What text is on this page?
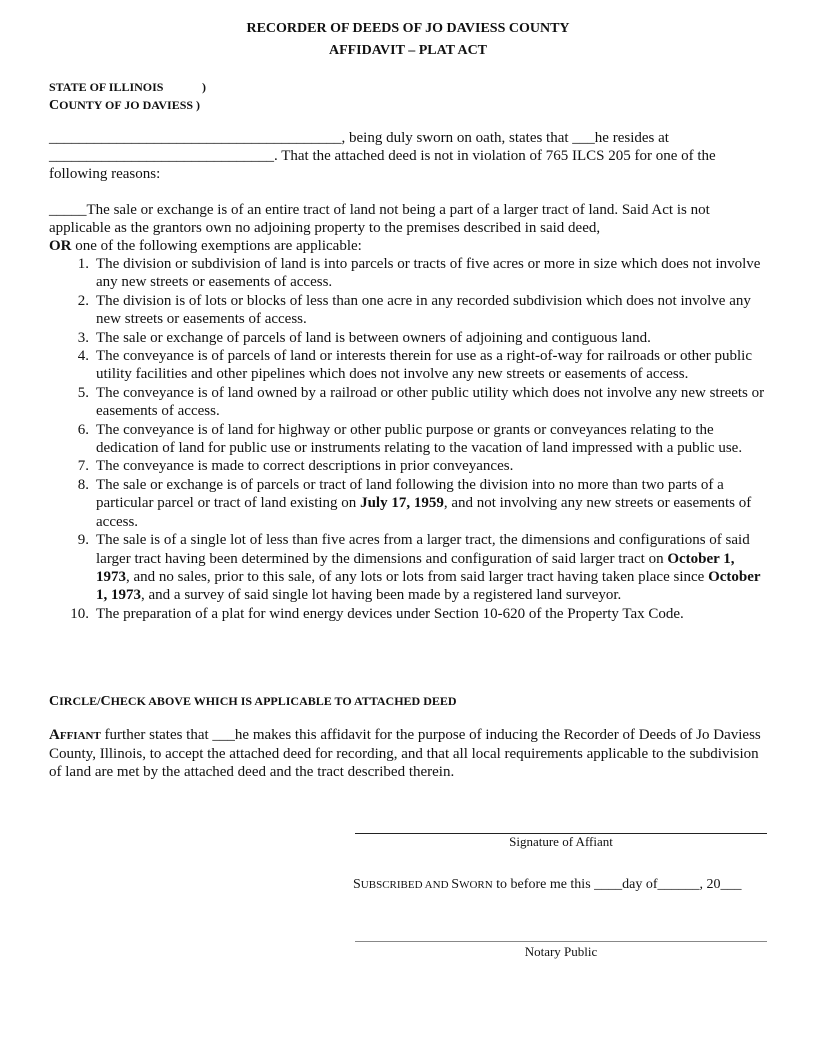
RECORDER OF DEEDS OF JO DAVIESS COUNTY
AFFIDAVIT – PLAT ACT
STATE OF ILLINOIS	)
COUNTY OF JO DAVIESS )
_______________________________________, being duly sworn on oath, states that ___he resides at
______________________________. That the attached deed is not in violation of 765 ILCS 205 for one of the
following reasons:
_____The sale or exchange is of an entire tract of land not being a part of a larger tract of land. Said Act is not applicable as the grantors own no adjoining property to the premises described in said deed,
OR one of the following exemptions are applicable:
1. The division or subdivision of land is into parcels or tracts of five acres or more in size which does not involve any new streets or easements of access.
2. The division is of lots or blocks of less than one acre in any recorded subdivision which does not involve any new streets or easements of access.
3. The sale or exchange of parcels of land is between owners of adjoining and contiguous land.
4. The conveyance is of parcels of land or interests therein for use as a right-of-way for railroads or other public utility facilities and other pipelines which does not involve any new streets or easements of access.
5. The conveyance is of land owned by a railroad or other public utility which does not involve any new streets or easements of access.
6. The conveyance is of land for highway or other public purpose or grants or conveyances relating to the dedication of land for public use or instruments relating to the vacation of land impressed with a public use.
7. The conveyance is made to correct descriptions in prior conveyances.
8. The sale or exchange is of parcels or tract of land following the division into no more than two parts of a particular parcel or tract of land existing on July 17, 1959, and not involving any new streets or easements of access.
9. The sale is of a single lot of less than five acres from a larger tract, the dimensions and configurations of said larger tract having been determined by the dimensions and configuration of said larger tract on October 1, 1973, and no sales, prior to this sale, of any lots or lots from said larger tract having taken place since October 1, 1973, and a survey of said single lot having been made by a registered land surveyor.
10. The preparation of a plat for wind energy devices under Section 10-620 of the Property Tax Code.
CIRCLE/CHECK ABOVE WHICH IS APPLICABLE TO ATTACHED DEED
AFFIANT further states that ___he makes this affidavit for the purpose of inducing the Recorder of Deeds of Jo Daviess County, Illinois, to accept the attached deed for recording, and that all local requirements applicable to the subdivision of land are met by the attached deed and the tract described therein.
Signature of Affiant
SUBSCRIBED AND SWORN to before me this ____day of______, 20___
Notary Public
